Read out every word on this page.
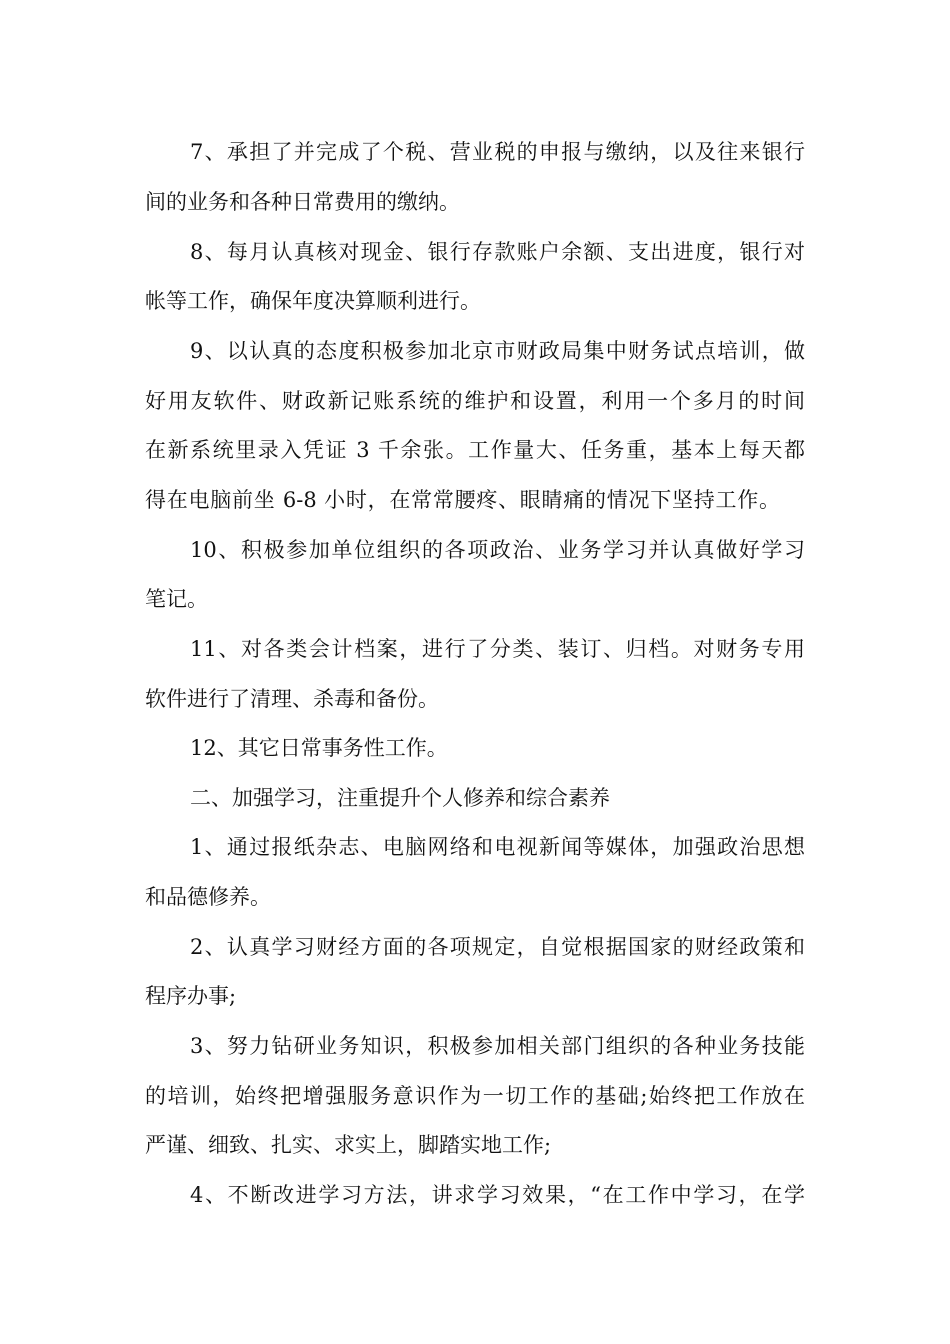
7、承担了并完成了个税、营业税的申报与缴纳，以及往来银行
间的业务和各种日常费用的缴纳。
8、每月认真核对现金、银行存款账户余额、支出进度，银行对
帐等工作，确保年度决算顺利进行。
9、以认真的态度积极参加北京市财政局集中财务试点培训，做
好用友软件、财政新记账系统的维护和设置，利用一个多月的时间
在新系统里录入凭证 3 千余张。工作量大、任务重，基本上每天都
得在电脑前坐 6-8 小时，在常常腰疼、眼睛痛的情况下坚持工作。
10、积极参加单位组织的各项政治、业务学习并认真做好学习
笔记。
11、对各类会计档案，进行了分类、装订、归档。对财务专用
软件进行了清理、杀毒和备份。
12、其它日常事务性工作。
二、加强学习，注重提升个人修养和综合素养
1、通过报纸杂志、电脑网络和电视新闻等媒体，加强政治思想
和品德修养。
2、认真学习财经方面的各项规定，自觉根据国家的财经政策和
程序办事;
3、努力钻研业务知识，积极参加相关部门组织的各种业务技能
的培训，始终把增强服务意识作为一切工作的基础;始终把工作放在
严谨、细致、扎实、求实上，脚踏实地工作;
4、不断改进学习方法，讲求学习效果，“在工作中学习，在学
